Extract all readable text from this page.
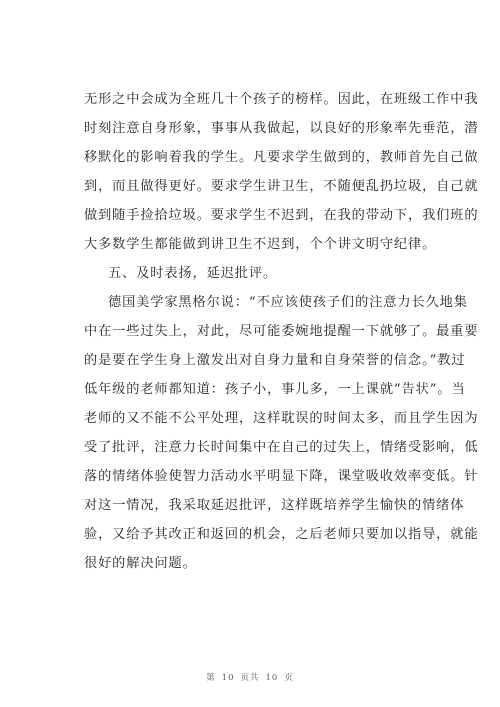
无形之中会成为全班几十个孩子的榜样。因此，在班级工作中我
时刻注意自身形象，事事从我做起，以良好的形象率先垂范，潜
移默化的影响着我的学生。凡要求学生做到的，教师首先自己做
到，而且做得更好。要求学生讲卫生，不随便乱扔垃圾，自己就
做到随手捡拾垃圾。要求学生不迟到，在我的带动下，我们班的
大多数学生都能做到讲卫生不迟到，个个讲文明守纪律。
五、及时表扬，延迟批评。
德国美学家黑格尔说：“不应该使孩子们的注意力长久地集
中在一些过失上，对此，尽可能委婉地提醒一下就够了。最重要
的是要在学生身上激发出对自身力量和自身荣誉的信念。”教过
低年级的老师都知道：孩子小，事儿多，一上课就“告状”。当
老师的又不能不公平处理，这样耽误的时间太多，而且学生因为
受了批评，注意力长时间集中在自己的过失上，情绪受影响，低
落的情绪体验使智力活动水平明显下降，课堂吸收效率变低。针
对这一情况，我采取延迟批评，这样既培养学生愉快的情绪体
验，又给予其改正和返回的机会，之后老师只要加以指导，就能
很好的解决问题。
第 10 页共 10 页
